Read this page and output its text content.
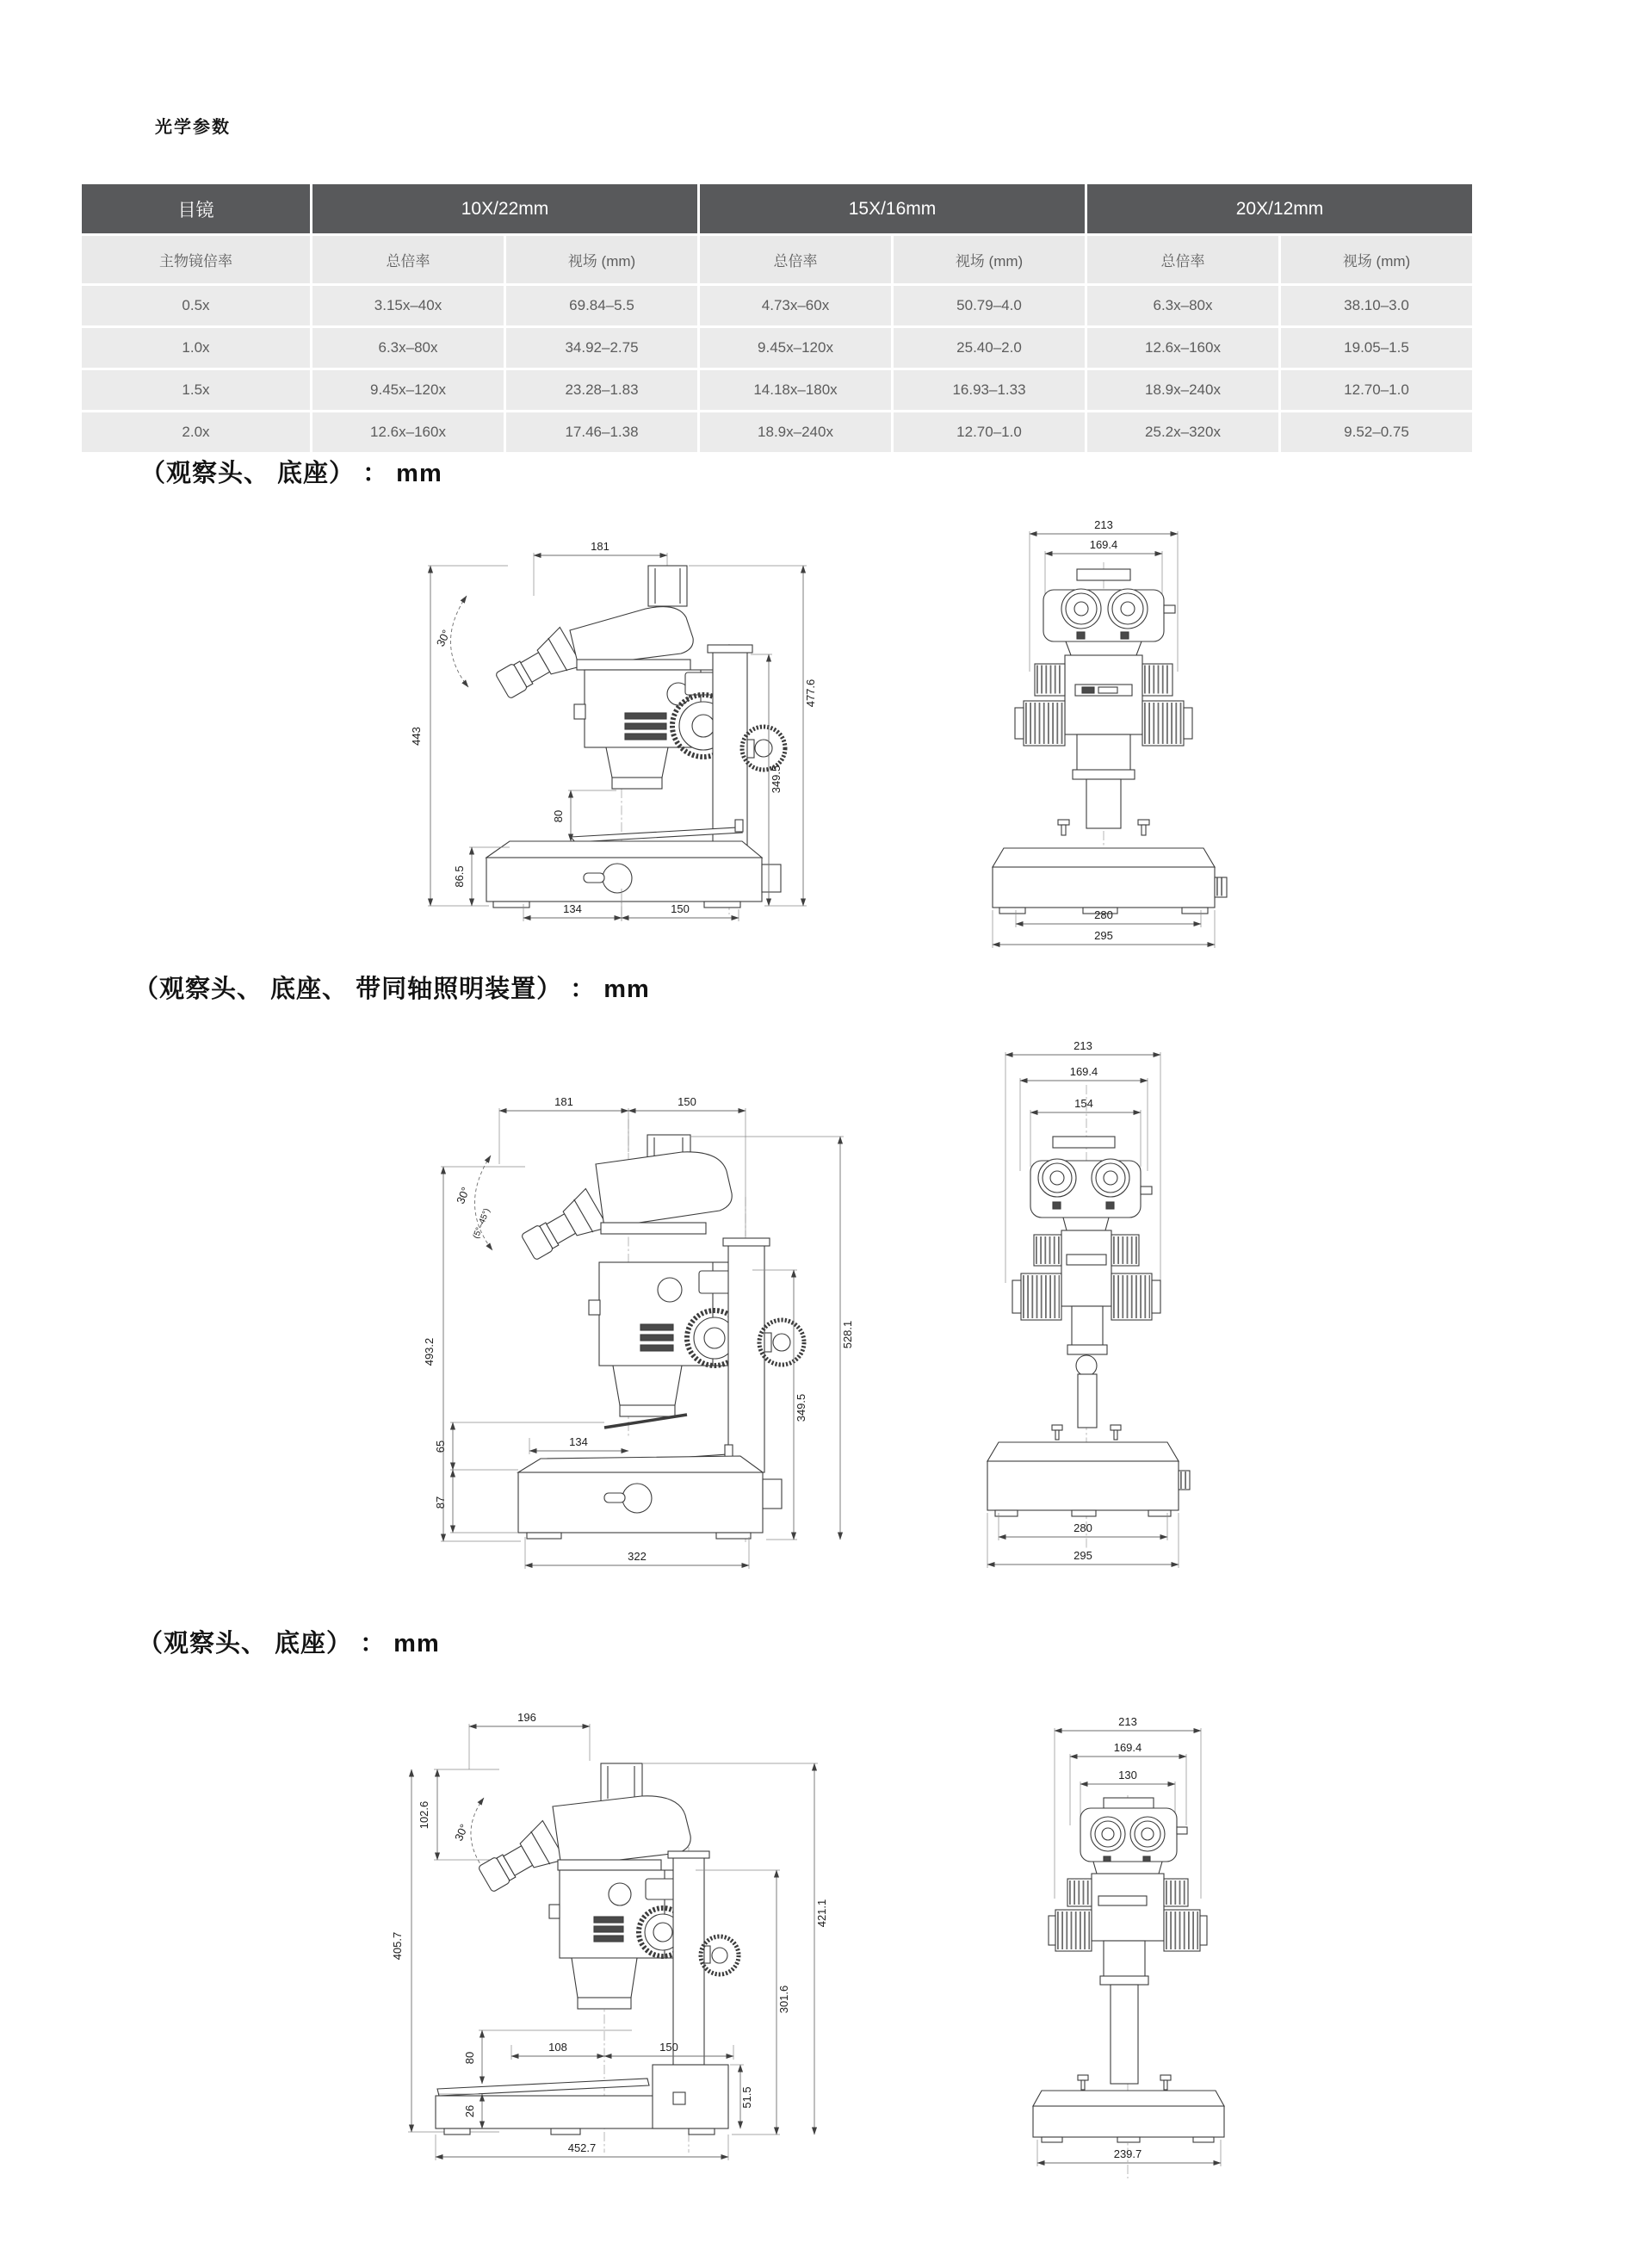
光学参数
目镜	10X/22mm	15X/16mm	20X/12mm
主物镜倍率	总倍率	视场 (mm)	总倍率	视场 (mm)	总倍率	视场 (mm)
0.5x	3.15x–40x	69.84–5.5	4.73x–60x	50.79–4.0	6.3x–80x	38.10–3.0
1.0x	6.3x–80x	34.92–2.75	9.45x–120x	25.40–2.0	12.6x–160x	19.05–1.5
1.5x	9.45x–120x	23.28–1.83	14.18x–180x	16.93–1.33	18.9x–240x	12.70–1.0
2.0x	12.6x–160x	17.46–1.38	18.9x–240x	12.70–1.0	25.2x–320x	9.52–0.75
（观察头、 底座） ： mm
181
443
30°
80
86.5
134	150
349.5
477.6
213
169.4
280
295
（观察头、 底座、 带同轴照明装置） ： mm
181	150
493.2
30°
(5°–45°)
65
87
134
322
349.5
528.1
213
169.4
154
280
295
（观察头、 底座） ： mm
196
102.6
405.7
30°
80
26
108	150
51.5
452.7
301.6
421.1
213
169.4
130
239.7
